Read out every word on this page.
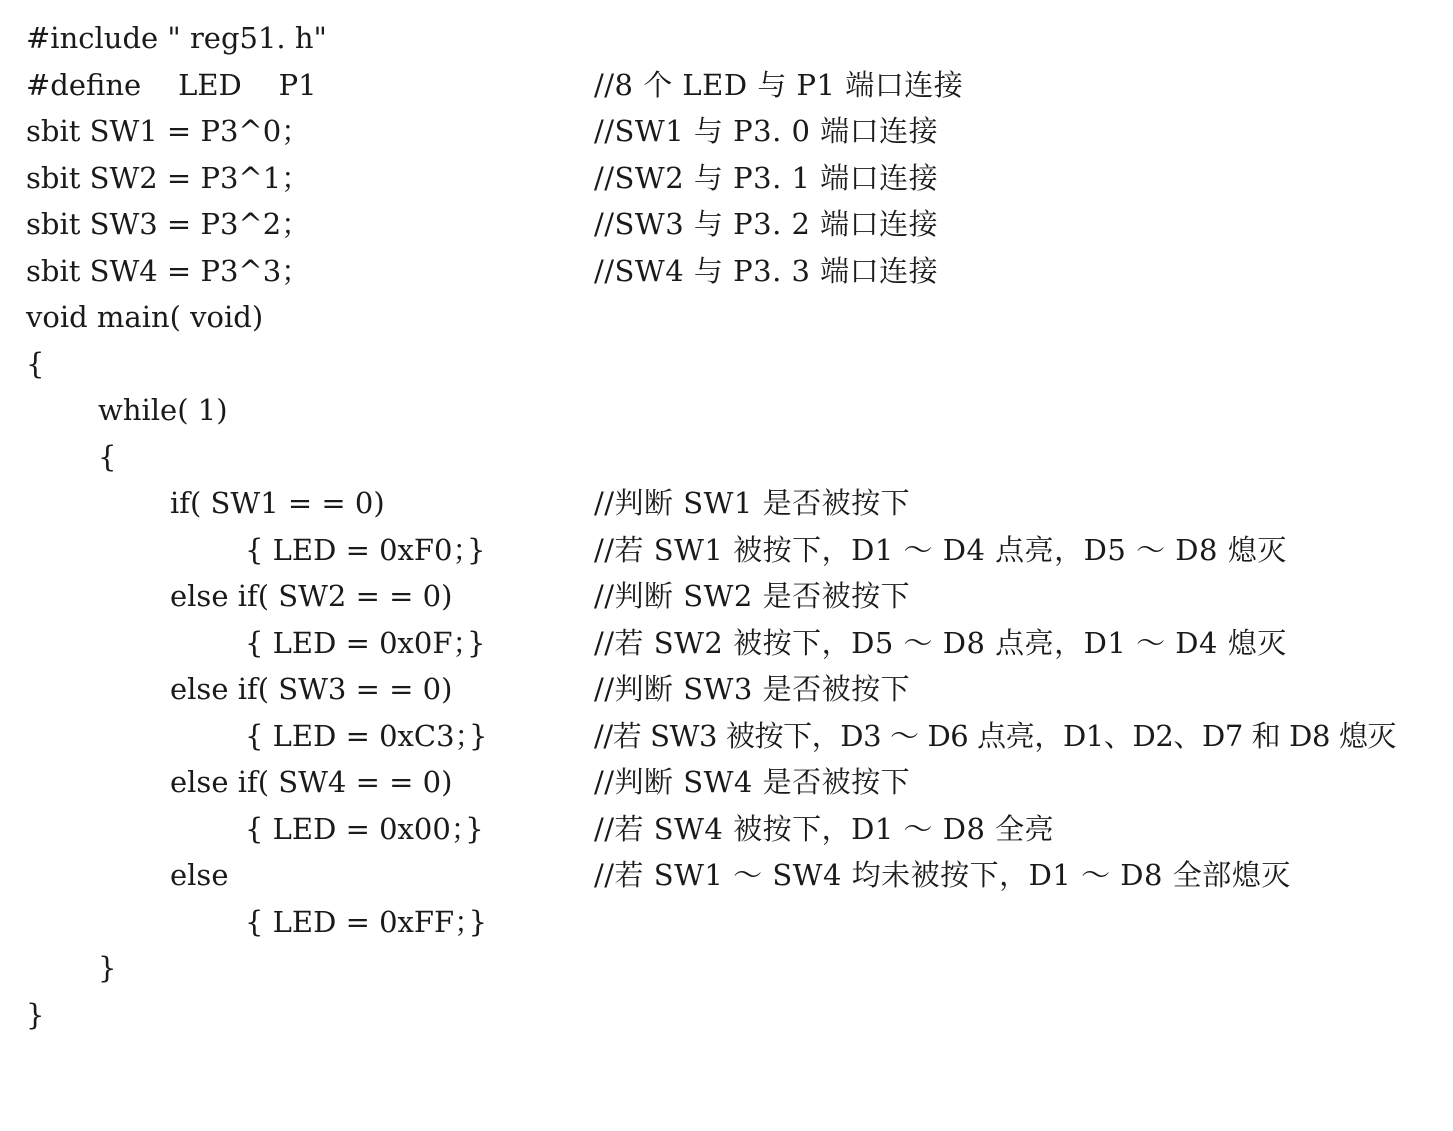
#include " reg51. h"

#define    LED    P1

	//8 个 LED 与 P1 端口连接

sbit SW1 = P3^0；

	//SW1 与 P3. 0 端口连接

sbit SW2 = P3^1；

	//SW2 与 P3. 1 端口连接

sbit SW3 = P3^2；

	//SW3 与 P3. 2 端口连接

sbit SW4 = P3^3；

	//SW4 与 P3. 3 端口连接

void main( void)

{

while( 1)

{

if( SW1 = = 0)

	//判断 SW1 是否被按下

{ LED = 0xF0；}

	//若 SW1 被按下，D1 ～ D4 点亮，D5 ～ D8 熄灭

else if( SW2 = = 0)

	//判断 SW2 是否被按下

{ LED = 0x0F；}

	//若 SW2 被按下，D5 ～ D8 点亮，D1 ～ D4 熄灭

else if( SW3 = = 0)

	//判断 SW3 是否被按下

{ LED = 0xC3；}

	//若 SW3 被按下，D3 ～ D6 点亮，D1、D2、D7 和 D8 熄灭

else if( SW4 = = 0)

	//判断 SW4 是否被按下

{ LED = 0x00；}

	//若 SW4 被按下，D1 ～ D8 全亮

else

	//若 SW1 ～ SW4 均未被按下，D1 ～ D8 全部熄灭

{ LED = 0xFF；}

}

}
